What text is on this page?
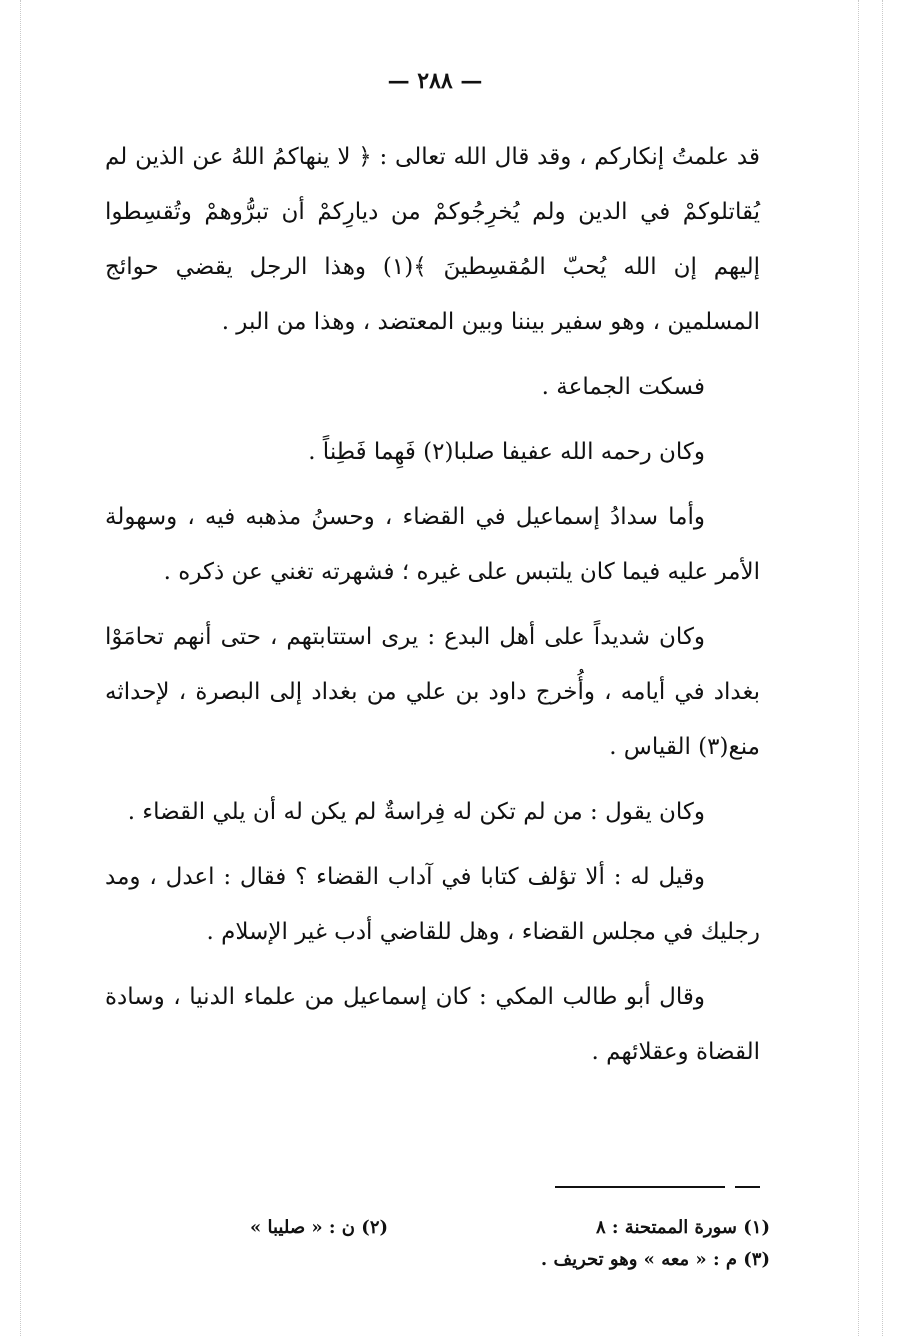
— ٢٨٨ —

قد علمتُ إنكاركم ، وقد قال الله تعالى : ﴿ لا ينهاكمُ اللهُ عن الذين لم يُقاتلوكمْ في الدين ولم يُخرِجُوكمْ من ديارِكمْ أن تبرُّوهمْ وتُقسِطوا إليهم إن الله يُحبّ المُقسِطينَ ﴾(١) وهذا الرجل يقضي حوائج المسلمين ، وهو سفير بيننا وبين المعتضد ، وهذا من البر .

فسكت الجماعة .

وكان رحمه الله عفيفا صلبا(٢) فَهِما فَطِناً .

وأما سدادُ إسماعيل في القضاء ، وحسنُ مذهبه فيه ، وسهولة الأمر عليه فيما كان يلتبس على غيره ؛ فشهرته تغني عن ذكره .

وكان شديداً على أهل البدع : يرى استتابتهم ، حتى أنهم تحامَوْا بغداد في أيامه ، وأُخرج داود بن علي من بغداد إلى البصرة ، لإحداثه منع(٣) القياس .

وكان يقول : من لم تكن له فِراسةٌ لم يكن له أن يلي القضاء .

وقيل له : ألا تؤلف كتابا في آداب القضاء ؟ فقال : اعدل ، ومد رجليك في مجلس القضاء ، وهل للقاضي أدب غير الإسلام .

وقال أبو طالب المكي : كان إسماعيل من علماء الدنيا ، وسادة القضاة وعقلائهم .

(١) سورة الممتحنة : ٨
(٢) ن : « صليبا »
(٣) م : « معه » وهو تحريف .
